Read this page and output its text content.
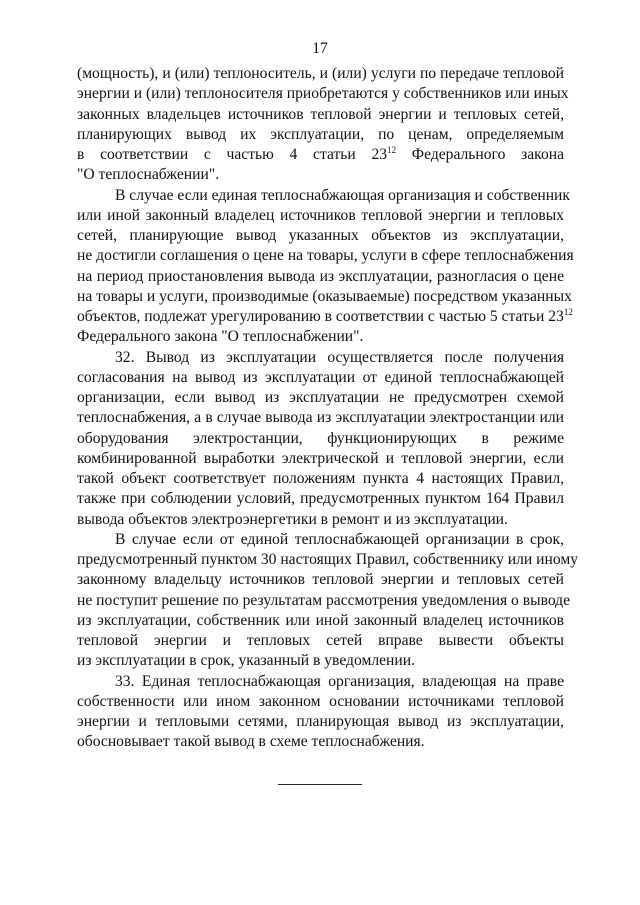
17
(мощность), и (или) теплоноситель, и (или) услуги по передаче тепловой
энергии и (или) теплоносителя приобретаются у собственников или иных
законных владельцев источников тепловой энергии и тепловых сетей,
планирующих вывод их эксплуатации, по ценам, определяемым
в соответствии с частью 4 статьи $23^{12}$ Федерального закона
"О теплоснабжении".
В случае если единая теплоснабжающая организация и собственник
или иной законный владелец источников тепловой энергии и тепловых
сетей, планирующие вывод указанных объектов из эксплуатации,
не достигли соглашения о цене на товары, услуги в сфере теплоснабжения
на период приостановления вывода из эксплуатации, разногласия о цене
на товары и услуги, производимые (оказываемые) посредством указанных
объектов, подлежат урегулированию в соответствии с частью 5 статьи $23^{12}$
Федерального закона "О теплоснабжении".
32. Вывод из эксплуатации осуществляется после получения
согласования на вывод из эксплуатации от единой теплоснабжающей
организации, если вывод из эксплуатации не предусмотрен схемой
теплоснабжения, а в случае вывода из эксплуатации электростанции или
оборудования электростанции, функционирующих в режиме
комбинированной выработки электрической и тепловой энергии, если
такой объект соответствует положениям пункта 4 настоящих Правил,
также при соблюдении условий, предусмотренных пунктом 164 Правил
вывода объектов электроэнергетики в ремонт и из эксплуатации.
В случае если от единой теплоснабжающей организации в срок,
предусмотренный пунктом 30 настоящих Правил, собственнику или иному
законному владельцу источников тепловой энергии и тепловых сетей
не поступит решение по результатам рассмотрения уведомления о выводе
из эксплуатации, собственник или иной законный владелец источников
тепловой энергии и тепловых сетей вправе вывести объекты
из эксплуатации в срок, указанный в уведомлении.
33. Единая теплоснабжающая организация, владеющая на праве
собственности или ином законном основании источниками тепловой
энергии и тепловыми сетями, планирующая вывод из эксплуатации,
обосновывает такой вывод в схеме теплоснабжения.
